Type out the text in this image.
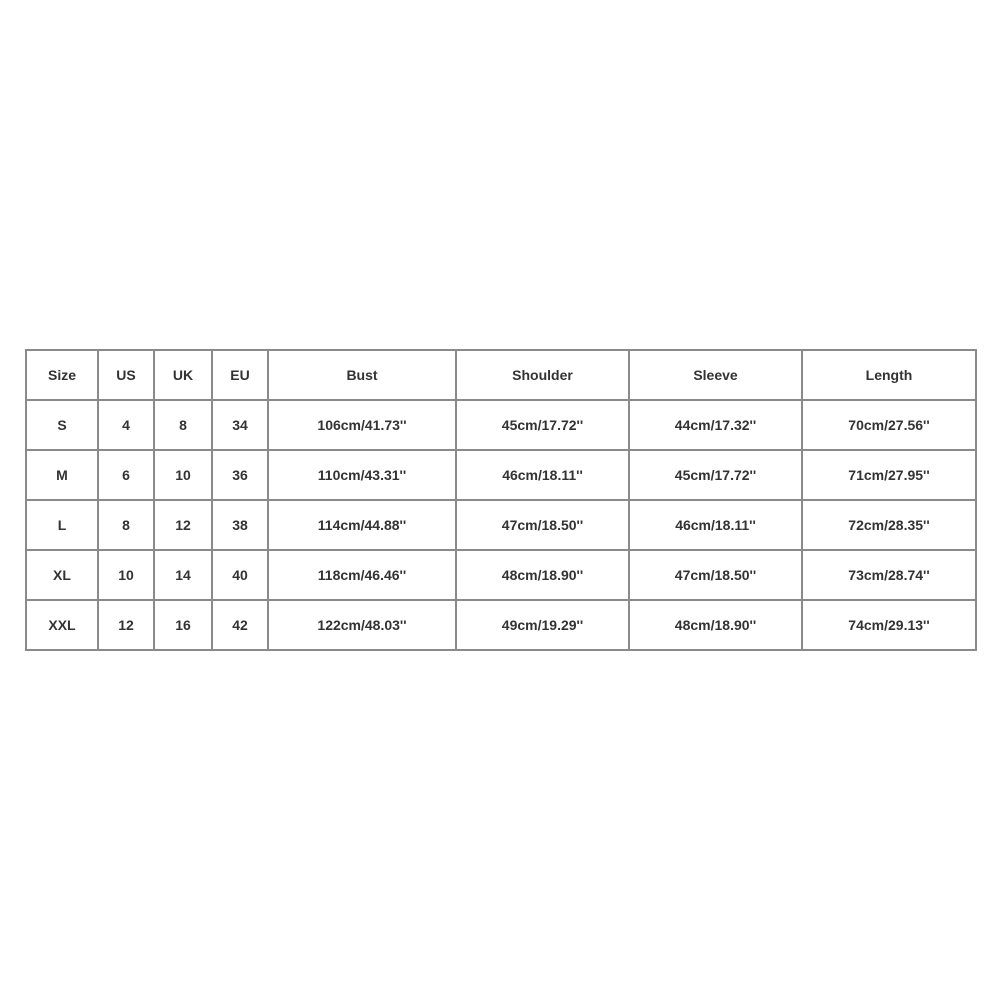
Size	US	UK	EU	Bust	Shoulder	Sleeve	Length
S	4	8	34	106cm/41.73''	45cm/17.72''	44cm/17.32''	70cm/27.56''
M	6	10	36	110cm/43.31''	46cm/18.11''	45cm/17.72''	71cm/27.95''
L	8	12	38	114cm/44.88''	47cm/18.50''	46cm/18.11''	72cm/28.35''
XL	10	14	40	118cm/46.46''	48cm/18.90''	47cm/18.50''	73cm/28.74''
XXL	12	16	42	122cm/48.03''	49cm/19.29''	48cm/18.90''	74cm/29.13''
